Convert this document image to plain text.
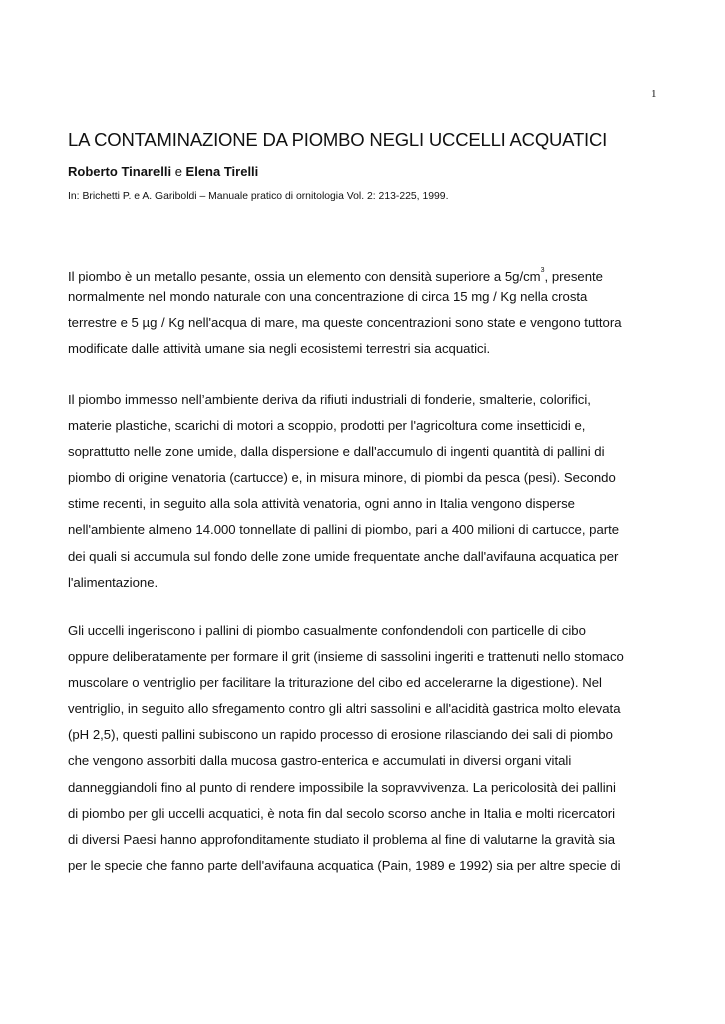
1
LA CONTAMINAZIONE DA PIOMBO NEGLI UCCELLI ACQUATICI
Roberto Tinarelli e Elena Tirelli
In: Brichetti P. e A. Gariboldi – Manuale pratico di ornitologia Vol. 2: 213-225, 1999.
Il piombo è un metallo pesante, ossia un elemento con densità superiore a $5g/cm^3$, presente
normalmente nel mondo naturale con una concentrazione di circa 15 mg / Kg nella crosta
terrestre e 5 µg / Kg nell'acqua di mare, ma queste concentrazioni sono state e vengono tuttora
modificate dalle attività umane sia negli ecosistemi terrestri sia acquatici.
Il piombo immesso nell’ambiente deriva da rifiuti industriali di fonderie, smalterie, colorifici,
materie plastiche, scarichi di motori a scoppio, prodotti per l'agricoltura come insetticidi e,
soprattutto nelle zone umide, dalla dispersione e dall'accumulo di ingenti quantità di pallini di
piombo di origine venatoria (cartucce) e, in misura minore, di piombi da pesca (pesi). Secondo
stime recenti, in seguito alla sola attività venatoria, ogni anno in Italia vengono disperse
nell'ambiente almeno 14.000 tonnellate di pallini di piombo, pari a 400 milioni di cartucce, parte
dei quali si accumula sul fondo delle zone umide frequentate anche dall'avifauna acquatica per
l'alimentazione.
Gli uccelli ingeriscono i pallini di piombo casualmente confondendoli con particelle di cibo
oppure deliberatamente per formare il grit (insieme di sassolini ingeriti e trattenuti nello stomaco
muscolare o ventriglio per facilitare la triturazione del cibo ed accelerarne la digestione). Nel
ventriglio, in seguito allo sfregamento contro gli altri sassolini e all'acidità gastrica molto elevata
(pH 2,5), questi pallini subiscono un rapido processo di erosione rilasciando dei sali di piombo
che vengono assorbiti dalla mucosa gastro-enterica e accumulati in diversi organi vitali
danneggiandoli fino al punto di rendere impossibile la sopravvivenza. La pericolosità dei pallini
di piombo per gli uccelli acquatici, è nota fin dal secolo scorso anche in Italia e molti ricercatori
di diversi Paesi hanno approfonditamente studiato il problema al fine di valutarne la gravità sia
per le specie che fanno parte dell'avifauna acquatica (Pain, 1989 e 1992) sia per altre specie di
